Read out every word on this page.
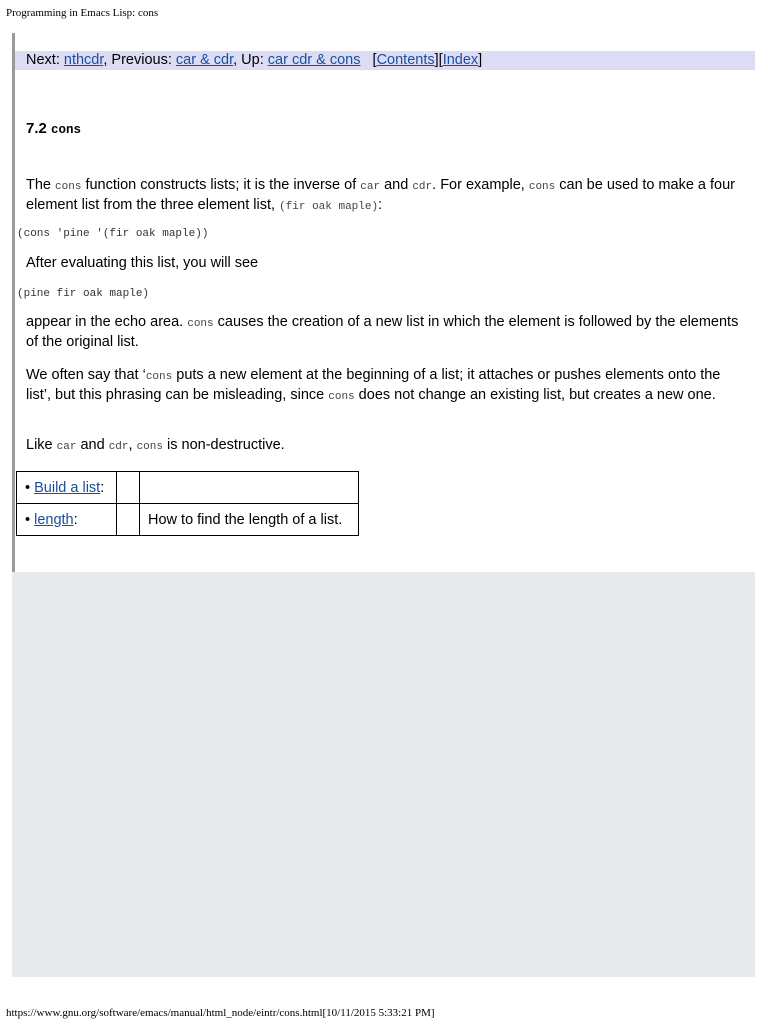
Programming in Emacs Lisp: cons
Next: nthcdr, Previous: car & cdr, Up: car cdr & cons [Contents][Index]
7.2 cons
The cons function constructs lists; it is the inverse of car and cdr. For example, cons can be used to make a four element list from the three element list, (fir oak maple):
(cons 'pine '(fir oak maple))
After evaluating this list, you will see
(pine fir oak maple)
appear in the echo area. cons causes the creation of a new list in which the element is followed by the elements of the original list.
We often say that ‘cons puts a new element at the beginning of a list; it attaches or pushes elements onto the list’, but this phrasing can be misleading, since cons does not change an existing list, but creates a new one.
Like car and cdr, cons is non-destructive.
• Build a list:		
• length:		How to find the length of a list.
https://www.gnu.org/software/emacs/manual/html_node/eintr/cons.html[10/11/2015 5:33:21 PM]
